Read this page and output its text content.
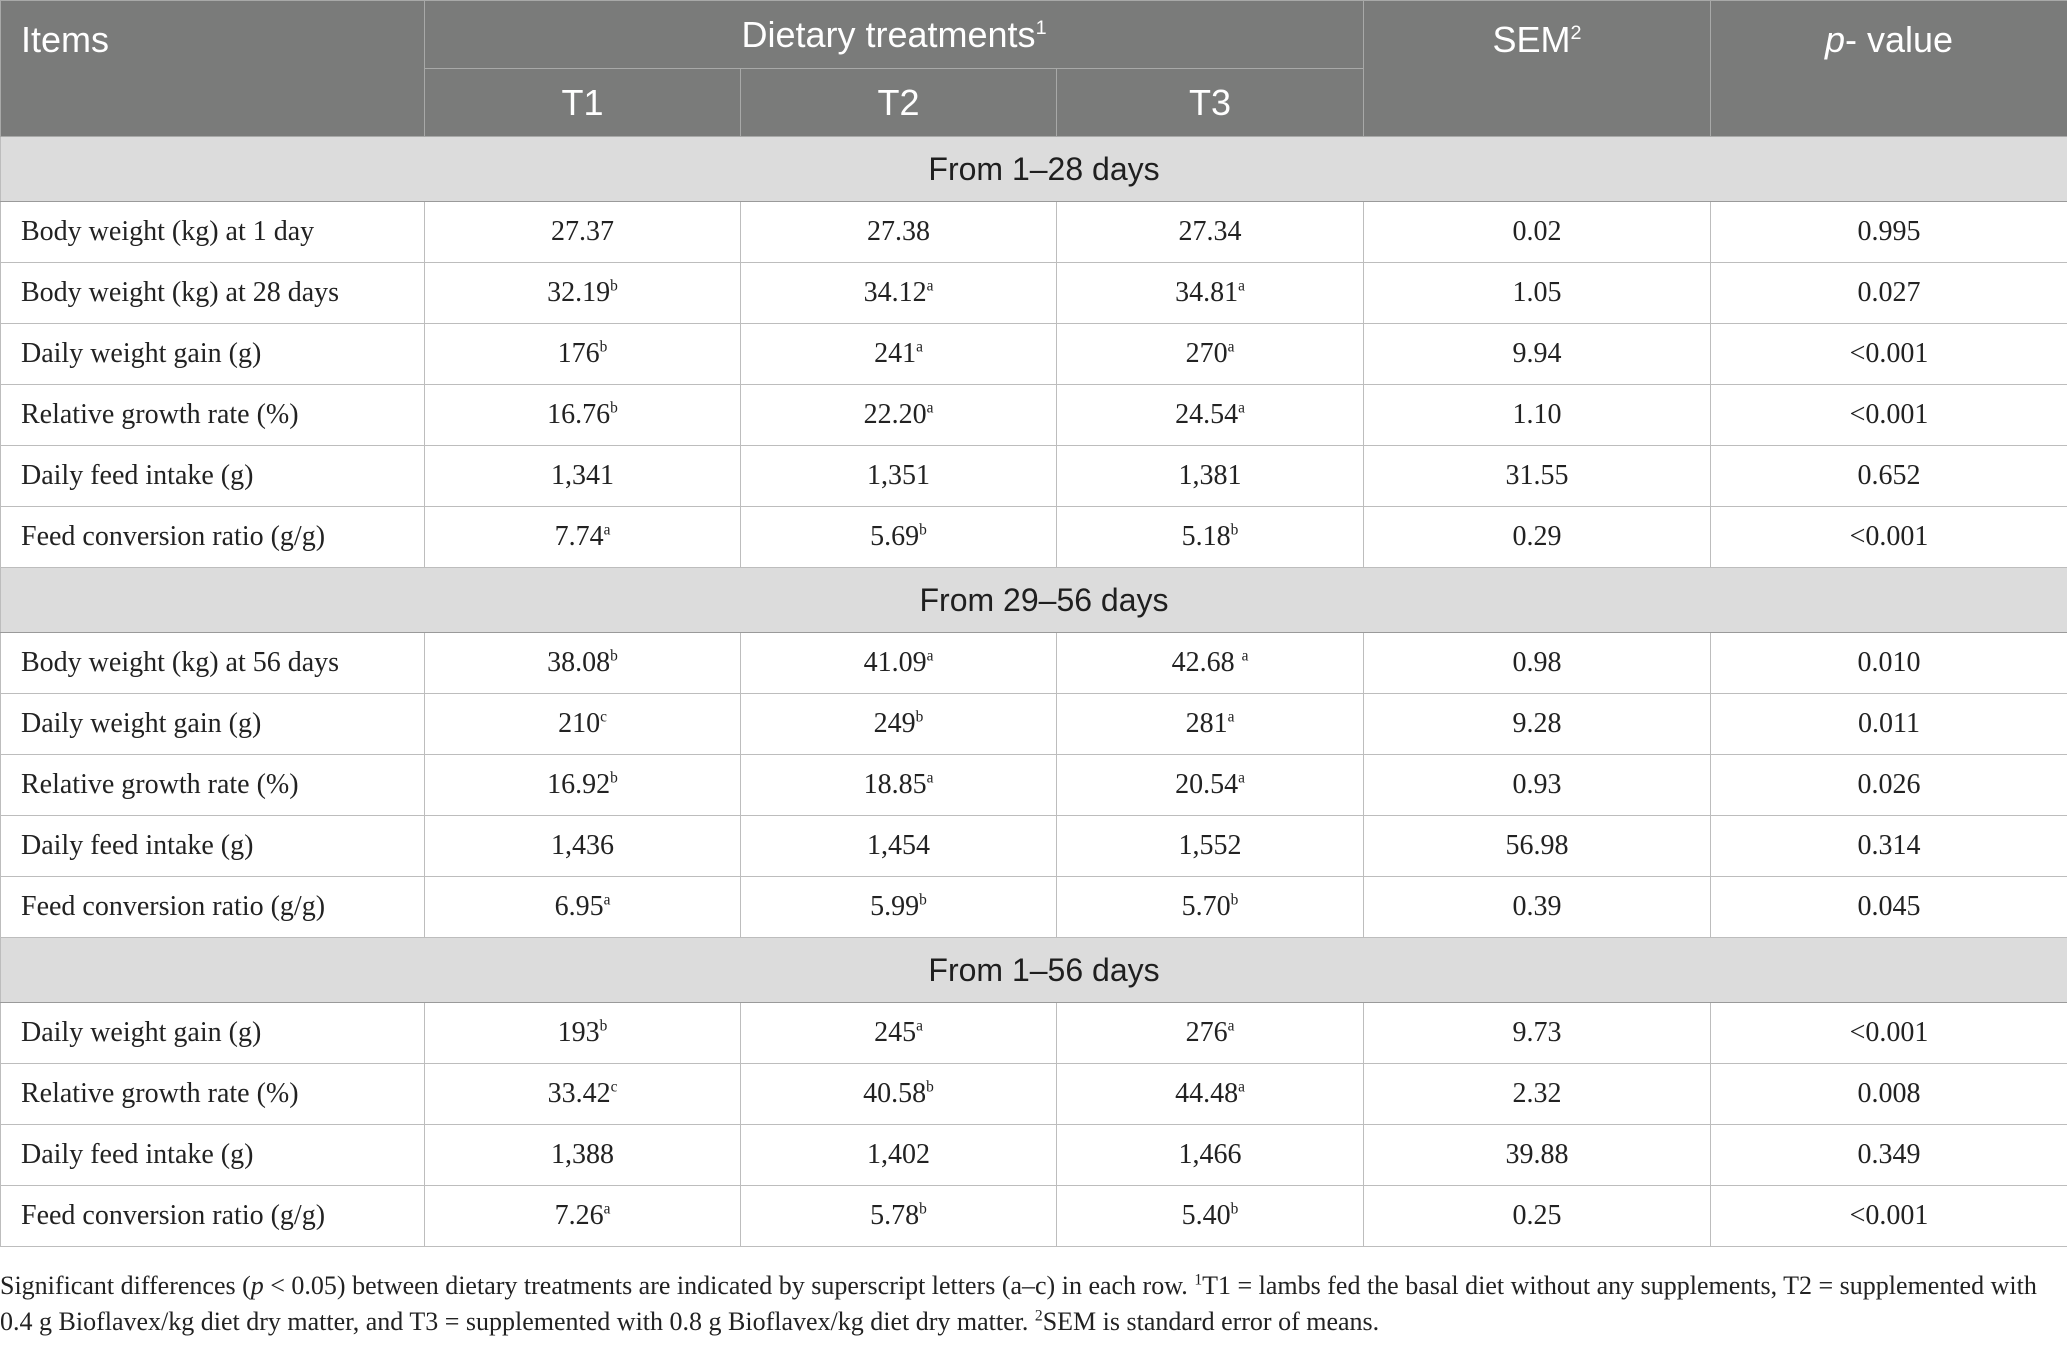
Items	Dietary treatments$^1$			SEM$^2$	p- value
	T1	T2	T3		
From 1–28 days					
Body weight (kg) at 1 day	27.37	27.38	27.34	0.02	0.995
Body weight (kg) at 28 days	32.19$^b$	34.12$^a$	34.81$^a$	1.05	0.027
Daily weight gain (g)	176$^b$	241$^a$	270$^a$	9.94	<0.001
Relative growth rate (%)	16.76$^b$	22.20$^a$	24.54$^a$	1.10	<0.001
Daily feed intake (g)	1,341	1,351	1,381	31.55	0.652
Feed conversion ratio (g/g)	7.74$^a$	5.69$^b$	5.18$^b$	0.29	<0.001
From 29–56 days					
Body weight (kg) at 56 days	38.08$^b$	41.09$^a$	42.68 $^a$	0.98	0.010
Daily weight gain (g)	210$^c$	249$^b$	281$^a$	9.28	0.011
Relative growth rate (%)	16.92$^b$	18.85$^a$	20.54$^a$	0.93	0.026
Daily feed intake (g)	1,436	1,454	1,552	56.98	0.314
Feed conversion ratio (g/g)	6.95$^a$	5.99$^b$	5.70$^b$	0.39	0.045
From 1–56 days					
Daily weight gain (g)	193$^b$	245$^a$	276$^a$	9.73	<0.001
Relative growth rate (%)	33.42$^c$	40.58$^b$	44.48$^a$	2.32	0.008
Daily feed intake (g)	1,388	1,402	1,466	39.88	0.349
Feed conversion ratio (g/g)	7.26$^a$	5.78$^b$	5.40$^b$	0.25	<0.001
Significant differences (p < 0.05) between dietary treatments are indicated by superscript letters (a–c) in each row. $^1$T1 = lambs fed the basal diet without any supplements, T2 = supplemented with 0.4 g Bioflavex/kg diet dry matter, and T3 = supplemented with 0.8 g Bioflavex/kg diet dry matter. $^2$SEM is standard error of means.
